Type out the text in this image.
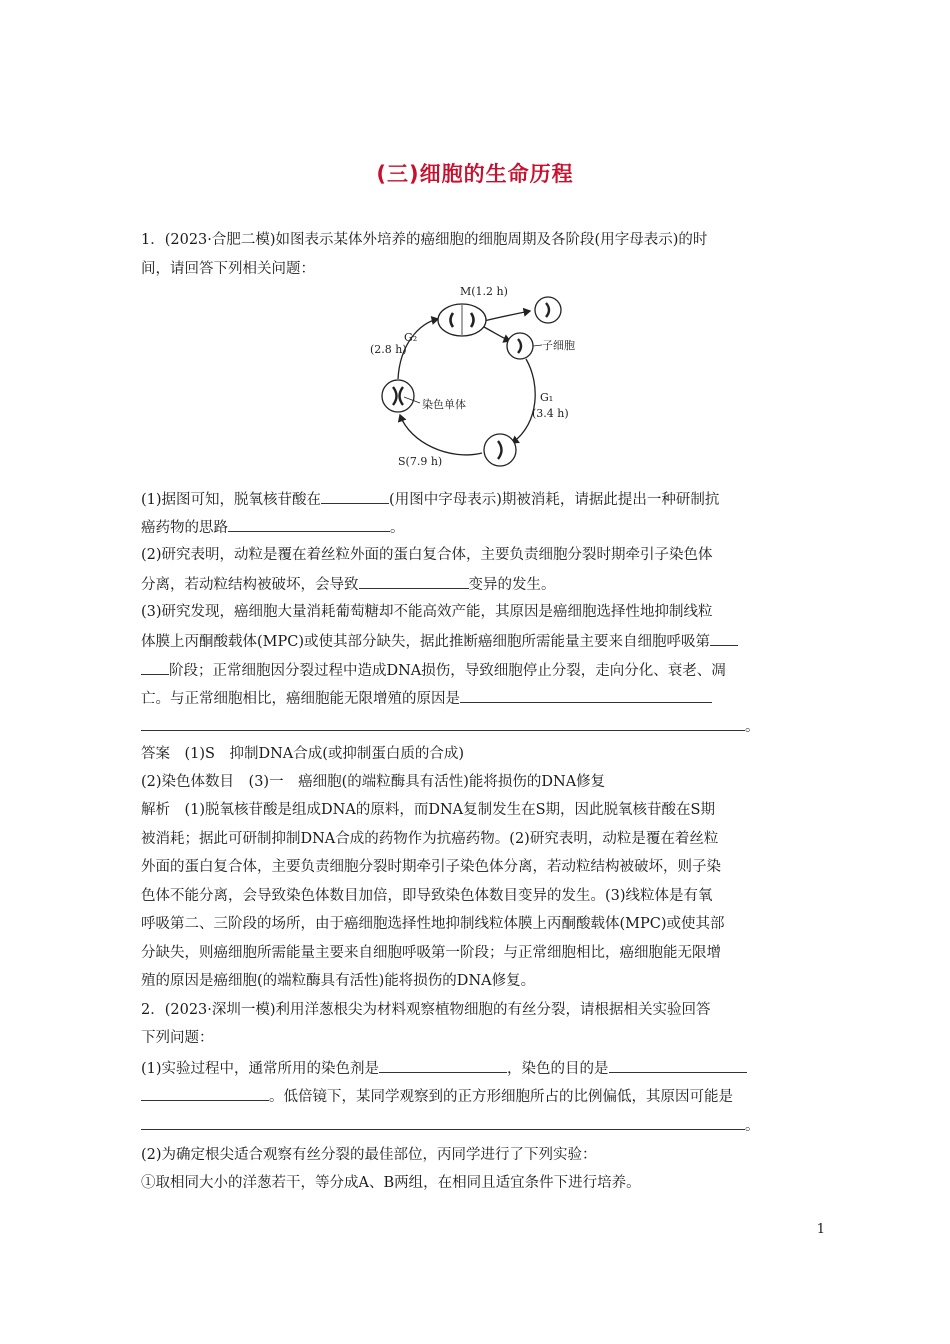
(三)细胞的生命历程
1．(2023·合肥二模)如图表示某体外培养的癌细胞的细胞周期及各阶段(用字母表示)的时
间，请回答下列相关问题：
M(1.2 h)
G₂
(2.8 h)	子细胞
染色单体
G₁
(3.4 h)
S(7.9 h)
(1)据图可知，脱氧核苷酸在	(用图中字母表示)期被消耗，请据此提出一种研制抗
癌药物的思路	。
(2)研究表明，动粒是覆在着丝粒外面的蛋白复合体，主要负责细胞分裂时期牵引子染色体
分离，若动粒结构被破坏，会导致	变异的发生。
(3)研究发现，癌细胞大量消耗葡萄糖却不能高效产能，其原因是癌细胞选择性地抑制线粒
体膜上丙酮酸载体(MPC)或使其部分缺失，据此推断癌细胞所需能量主要来自细胞呼吸第
阶段；正常细胞因分裂过程中造成DNA损伤，导致细胞停止分裂，走向分化、衰老、凋
亡。与正常细胞相比，癌细胞能无限增殖的原因是
。
答案　(1)S　抑制DNA合成(或抑制蛋白质的合成)
(2)染色体数目　(3)一　癌细胞(的端粒酶具有活性)能将损伤的DNA修复
解析　(1)脱氧核苷酸是组成DNA的原料，而DNA复制发生在S期，因此脱氧核苷酸在S期
被消耗；据此可研制抑制DNA合成的药物作为抗癌药物。(2)研究表明，动粒是覆在着丝粒
外面的蛋白复合体，主要负责细胞分裂时期牵引子染色体分离，若动粒结构被破坏，则子染
色体不能分离，会导致染色体数目加倍，即导致染色体数目变异的发生。(3)线粒体是有氧
呼吸第二、三阶段的场所，由于癌细胞选择性地抑制线粒体膜上丙酮酸载体(MPC)或使其部
分缺失，则癌细胞所需能量主要来自细胞呼吸第一阶段；与正常细胞相比，癌细胞能无限增
殖的原因是癌细胞(的端粒酶具有活性)能将损伤的DNA修复。
2．(2023·深圳一模)利用洋葱根尖为材料观察植物细胞的有丝分裂，请根据相关实验回答
下列问题：
(1)实验过程中，通常所用的染色剂是	，染色的目的是
。低倍镜下，某同学观察到的正方形细胞所占的比例偏低，其原因可能是
。
(2)为确定根尖适合观察有丝分裂的最佳部位，丙同学进行了下列实验：
①取相同大小的洋葱若干，等分成A、B两组，在相同且适宜条件下进行培养。
1
